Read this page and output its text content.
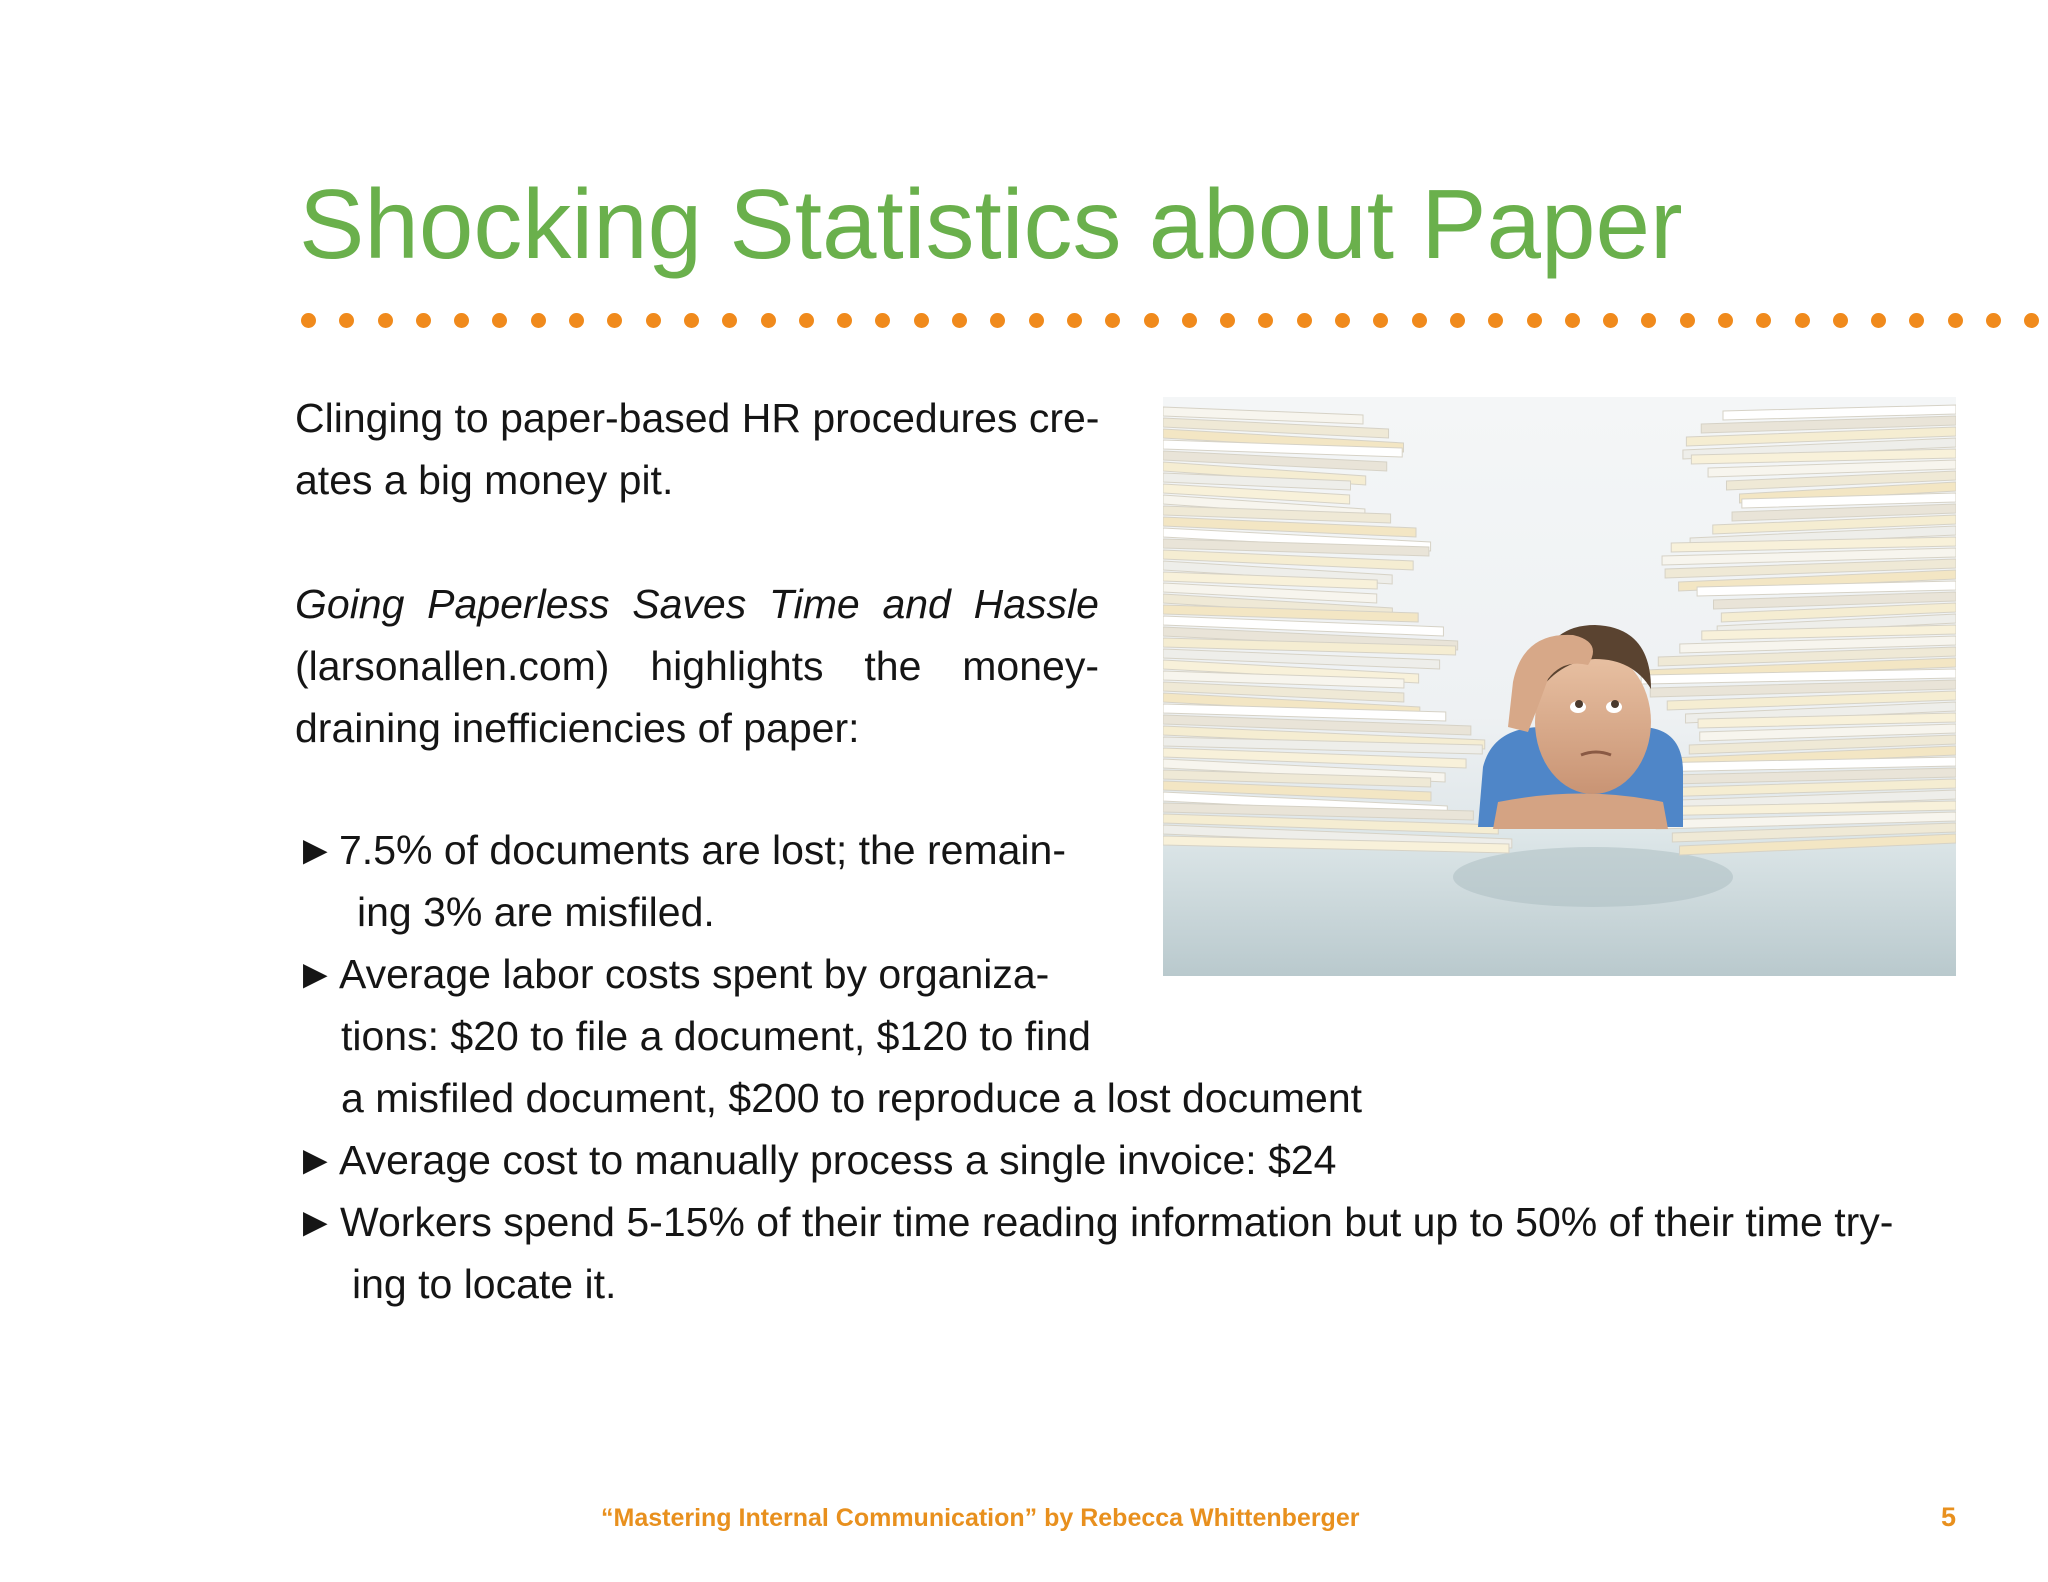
Shocking Statistics about Paper
Clinging to paper-based HR procedures cre-
ates a big money pit.
Going Paperless Saves Time and Hassle
(larsonallen.com) highlights the money-
draining inefficiencies of paper:
►7.5% of documents are lost; the remain-
ing 3% are misfiled.
►Average labor costs spent by organiza-
tions: $20 to file a document, $120 to find
a misfiled document, $200 to reproduce a lost document
►Average cost to manually process a single invoice: $24
► Workers spend 5-15% of their time reading information but up to 50% of their time try-
ing to locate it.
“Mastering Internal Communication” by Rebecca Whittenberger	5
